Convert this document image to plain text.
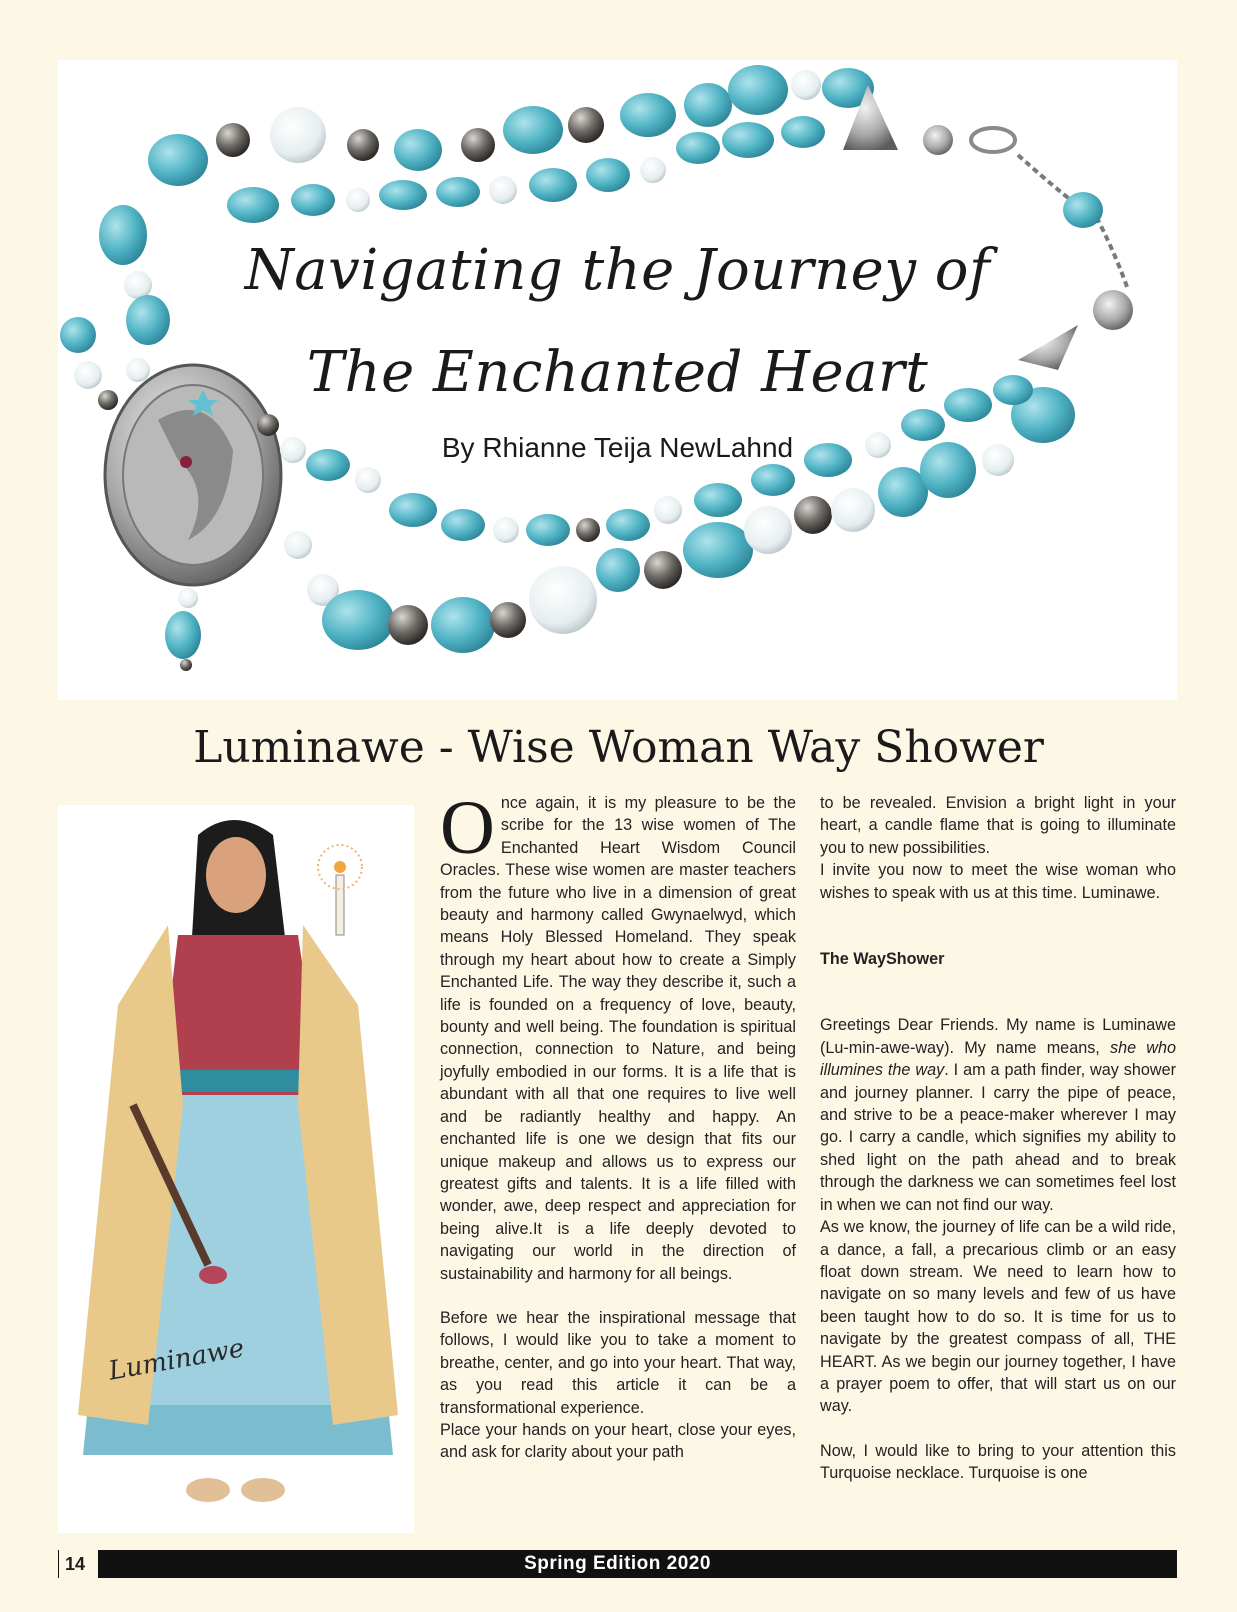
Navigating the Journey of
The Enchanted Heart
By Rhianne Teija NewLahnd
Luminawe - Wise Woman Way Shower
Luminawe

Once again, it is my pleasure to be the scribe for the 13 wise women of The Enchanted Heart Wisdom Council Oracles. These wise women are master teachers from the future who live in a dimension of great beauty and harmony called Gwynaelwyd, which means Holy Blessed Homeland. They speak through my heart about how to create a Simply Enchanted Life. The way they describe it, such a life is founded on a frequency of love, beauty, bounty and well being. The foundation is spiritual connection, connection to Nature, and being joyfully embodied in our forms. It is a life that is abundant with all that one requires to live well and be radiantly healthy and happy. An enchanted life is one we design that fits our unique makeup and allows us to express our greatest gifts and talents. It is a life filled with wonder, awe, deep respect and appreciation for being alive.It is a life deeply devoted to navigating our world in the direction of sustainability and harmony for all beings.

Before we hear the inspirational message that follows, I would like you to take a moment to breathe, center, and go into your heart. That way, as you read this article it can be a transformational experience.

Place your hands on your heart, close your eyes, and ask for clarity about your path

to be revealed. Envision a bright light in your heart, a candle flame that is going to illuminate you to new possibilities.

I invite you now to meet the wise woman who wishes to speak with us at this time. Luminawe.

The WayShower

Greetings Dear Friends. My name is Luminawe (Lu-min-awe-way). My name means, she who illumines the way. I am a path finder, way shower and journey planner. I carry the pipe of peace, and strive to be a peace-maker wherever I may go. I carry a candle, which signifies my ability to shed light on the path ahead and to break through the darkness we can sometimes feel lost in when we can not find our way.

As we know, the journey of life can be a wild ride, a dance, a fall, a precarious climb or an easy float down stream. We need to learn how to navigate on so many levels and few of us have been taught how to do so. It is time for us to navigate by the greatest compass of all, THE HEART. As we begin our journey together, I have a prayer poem to offer, that will start us on our way.

Now, I would like to bring to your attention this Turquoise necklace. Turquoise is one

14	Spring Edition 2020
